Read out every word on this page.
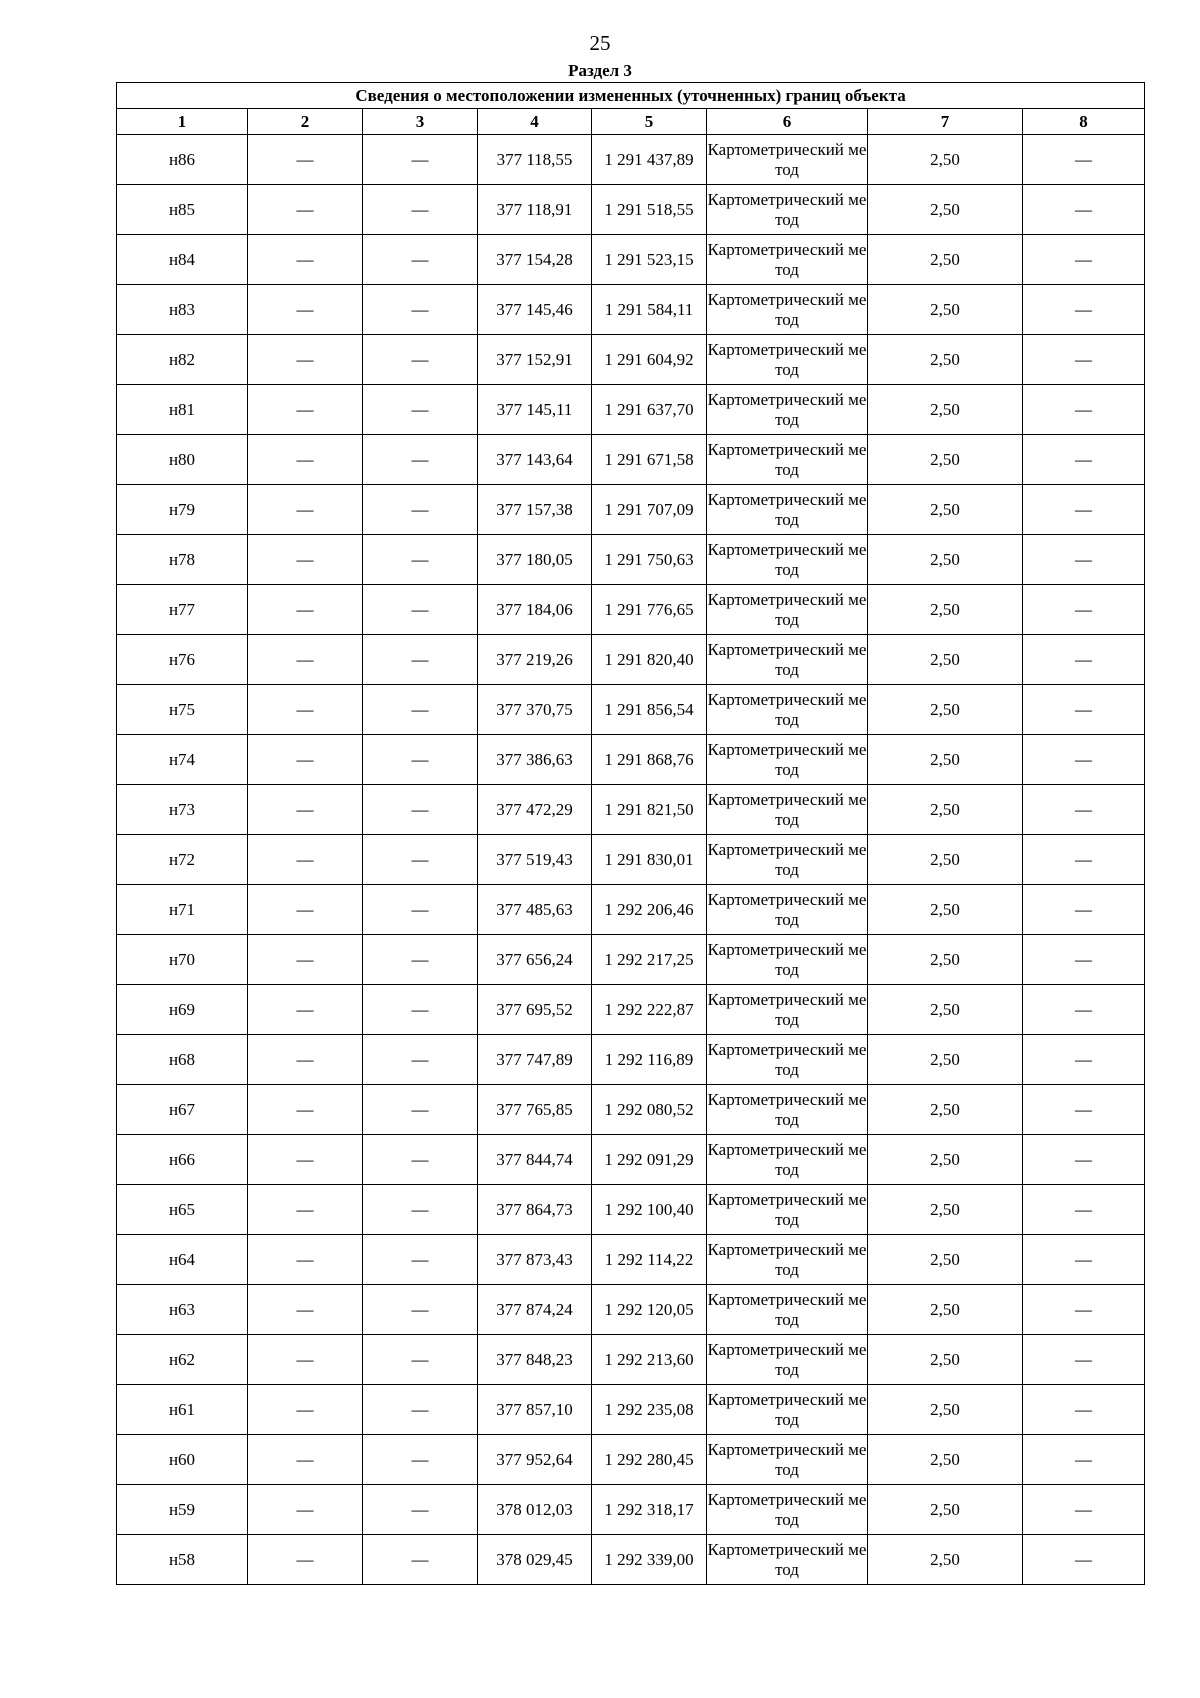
25
Раздел 3
Сведения о местоположении измененных (уточненных) границ объекта							
1	2	3	4	5	6	7	8
н86	—	—	377 118,55	1 291 437,89	Картометрический метод	2,50	—
н85	—	—	377 118,91	1 291 518,55	Картометрический метод	2,50	—
н84	—	—	377 154,28	1 291 523,15	Картометрический метод	2,50	—
н83	—	—	377 145,46	1 291 584,11	Картометрический метод	2,50	—
н82	—	—	377 152,91	1 291 604,92	Картометрический метод	2,50	—
н81	—	—	377 145,11	1 291 637,70	Картометрический метод	2,50	—
н80	—	—	377 143,64	1 291 671,58	Картометрический метод	2,50	—
н79	—	—	377 157,38	1 291 707,09	Картометрический метод	2,50	—
н78	—	—	377 180,05	1 291 750,63	Картометрический метод	2,50	—
н77	—	—	377 184,06	1 291 776,65	Картометрический метод	2,50	—
н76	—	—	377 219,26	1 291 820,40	Картометрический метод	2,50	—
н75	—	—	377 370,75	1 291 856,54	Картометрический метод	2,50	—
н74	—	—	377 386,63	1 291 868,76	Картометрический метод	2,50	—
н73	—	—	377 472,29	1 291 821,50	Картометрический метод	2,50	—
н72	—	—	377 519,43	1 291 830,01	Картометрический метод	2,50	—
н71	—	—	377 485,63	1 292 206,46	Картометрический метод	2,50	—
н70	—	—	377 656,24	1 292 217,25	Картометрический метод	2,50	—
н69	—	—	377 695,52	1 292 222,87	Картометрический метод	2,50	—
н68	—	—	377 747,89	1 292 116,89	Картометрический метод	2,50	—
н67	—	—	377 765,85	1 292 080,52	Картометрический метод	2,50	—
н66	—	—	377 844,74	1 292 091,29	Картометрический метод	2,50	—
н65	—	—	377 864,73	1 292 100,40	Картометрический метод	2,50	—
н64	—	—	377 873,43	1 292 114,22	Картометрический метод	2,50	—
н63	—	—	377 874,24	1 292 120,05	Картометрический метод	2,50	—
н62	—	—	377 848,23	1 292 213,60	Картометрический метод	2,50	—
н61	—	—	377 857,10	1 292 235,08	Картометрический метод	2,50	—
н60	—	—	377 952,64	1 292 280,45	Картометрический метод	2,50	—
н59	—	—	378 012,03	1 292 318,17	Картометрический метод	2,50	—
н58	—	—	378 029,45	1 292 339,00	Картометрический метод	2,50	—
